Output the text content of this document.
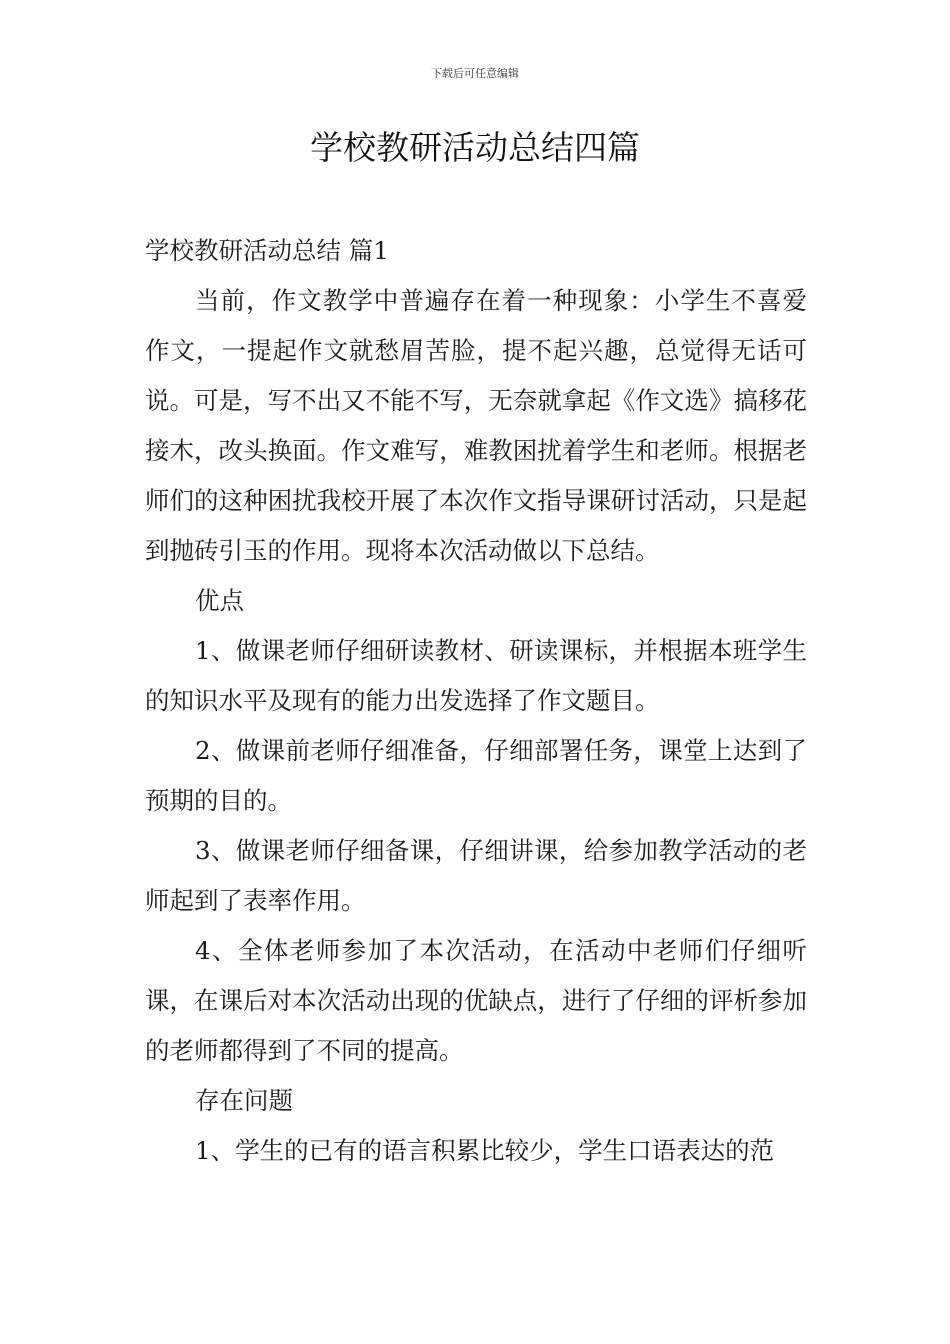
下载后可任意编辑
学校教研活动总结四篇

学校教研活动总结 篇1

当前，作文教学中普遍存在着一种现象：小学生不喜爱作文，一提起作文就愁眉苦脸，提不起兴趣，总觉得无话可说。可是，写不出又不能不写，无奈就拿起《作文选》搞移花接木，改头换面。作文难写，难教困扰着学生和老师。根据老师们的这种困扰我校开展了本次作文指导课研讨活动，只是起到抛砖引玉的作用。现将本次活动做以下总结。

优点

1、做课老师仔细研读教材、研读课标，并根据本班学生的知识水平及现有的能力出发选择了作文题目。

2、做课前老师仔细准备，仔细部署任务，课堂上达到了预期的目的。

3、做课老师仔细备课，仔细讲课，给参加教学活动的老师起到了表率作用。

4、全体老师参加了本次活动，在活动中老师们仔细听课，在课后对本次活动出现的优缺点，进行了仔细的评析参加的老师都得到了不同的提高。

存在问题

1、学生的已有的语言积累比较少，学生口语表达的范
